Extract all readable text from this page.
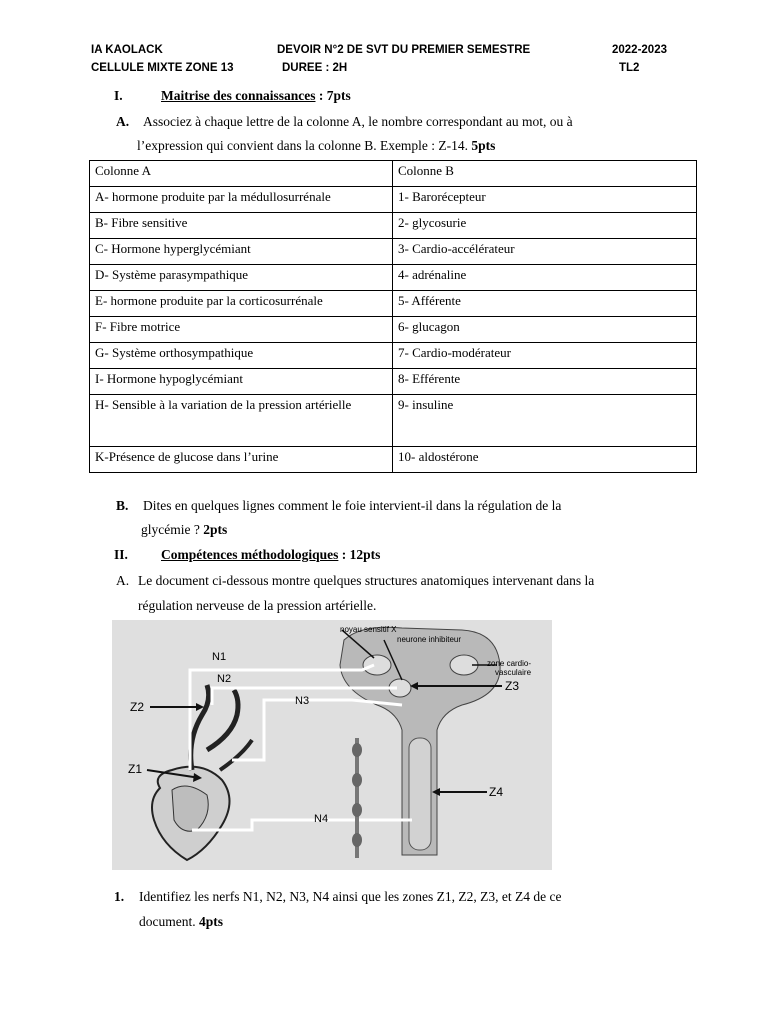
IA KAOLACK
CELLULE MIXTE ZONE 13
DEVOIR N°2 DE SVT DU PREMIER SEMESTRE
DUREE : 2H
2022-2023
TL2
I.	Maitrise des connaissances : 7pts
A. Associez à chaque lettre de la colonne A, le nombre correspondant au mot, ou à
l’expression qui convient dans la colonne B. Exemple : Z-14. 5pts
Colonne A	Colonne B
A- hormone produite par la médullosurrénale	1- Barorécepteur
B- Fibre sensitive	2- glycosurie
C- Hormone hyperglycémiant	3- Cardio-accélérateur
D- Système parasympathique	4- adrénaline
E- hormone produite par la corticosurrénale	5- Afférente
F- Fibre motrice	6- glucagon
G- Système orthosympathique	7- Cardio-modérateur
I- Hormone hypoglycémiant	8- Efférente
H- Sensible à la variation de la pression artérielle	9- insuline
K-Présence de glucose dans l’urine	10- aldostérone
B. Dites en quelques lignes comment le foie intervient-il dans la régulation de la
glycémie ? 2pts
II. Compétences méthodologiques : 12pts
A. Le document ci-dessous montre quelques structures anatomiques intervenant dans la
régulation nerveuse de la pression artérielle.
noyau sensitif X
neurone inhibiteur
zone cardio-
vasculaire
N1
N2
N3
N4
Z2
Z1
Z3
Z4
1. Identifiez les nerfs N1, N2, N3, N4 ainsi que les zones Z1, Z2, Z3, et Z4 de ce
document. 4pts
